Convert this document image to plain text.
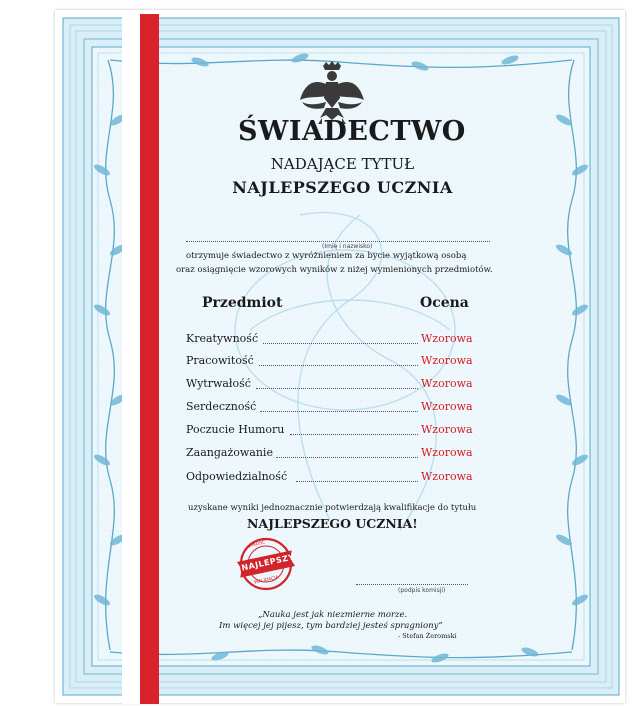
ŚWIADECTWO
NADAJĄCE TYTUŁ
NAJLEPSZEGO UCZNIA
(Imię i nazwisko)
otrzymuje świadectwo z wyróżnieniem za bycie wyjątkową osobą
oraz osiągnięcie wzorowych wyników z niżej wymienionych przedmiotów.
Przedmiot	Ocena
Kreatywność	Wzorowa
Pracowitość	Wzorowa
Wytrwałość	Wzorowa
Serdeczność	Wzorowa
Poczucie Humoru	Wzorowa
Zaangażowanie	Wzorowa
Odpowiedzialność	Wzorowa
uzyskane wyniki jednoznacznie potwierdzają kwalifikacje do tytułu
NAJLEPSZEGO UCZNIA!
NAJLEPSZY
JAKOŚĆ
WALIDACJA
(podpis komisji)
„Nauka jest jak niezmierne morze.
Im więcej jej pijesz, tym bardziej jesteś spragniony”
- Stefan Żeromski
